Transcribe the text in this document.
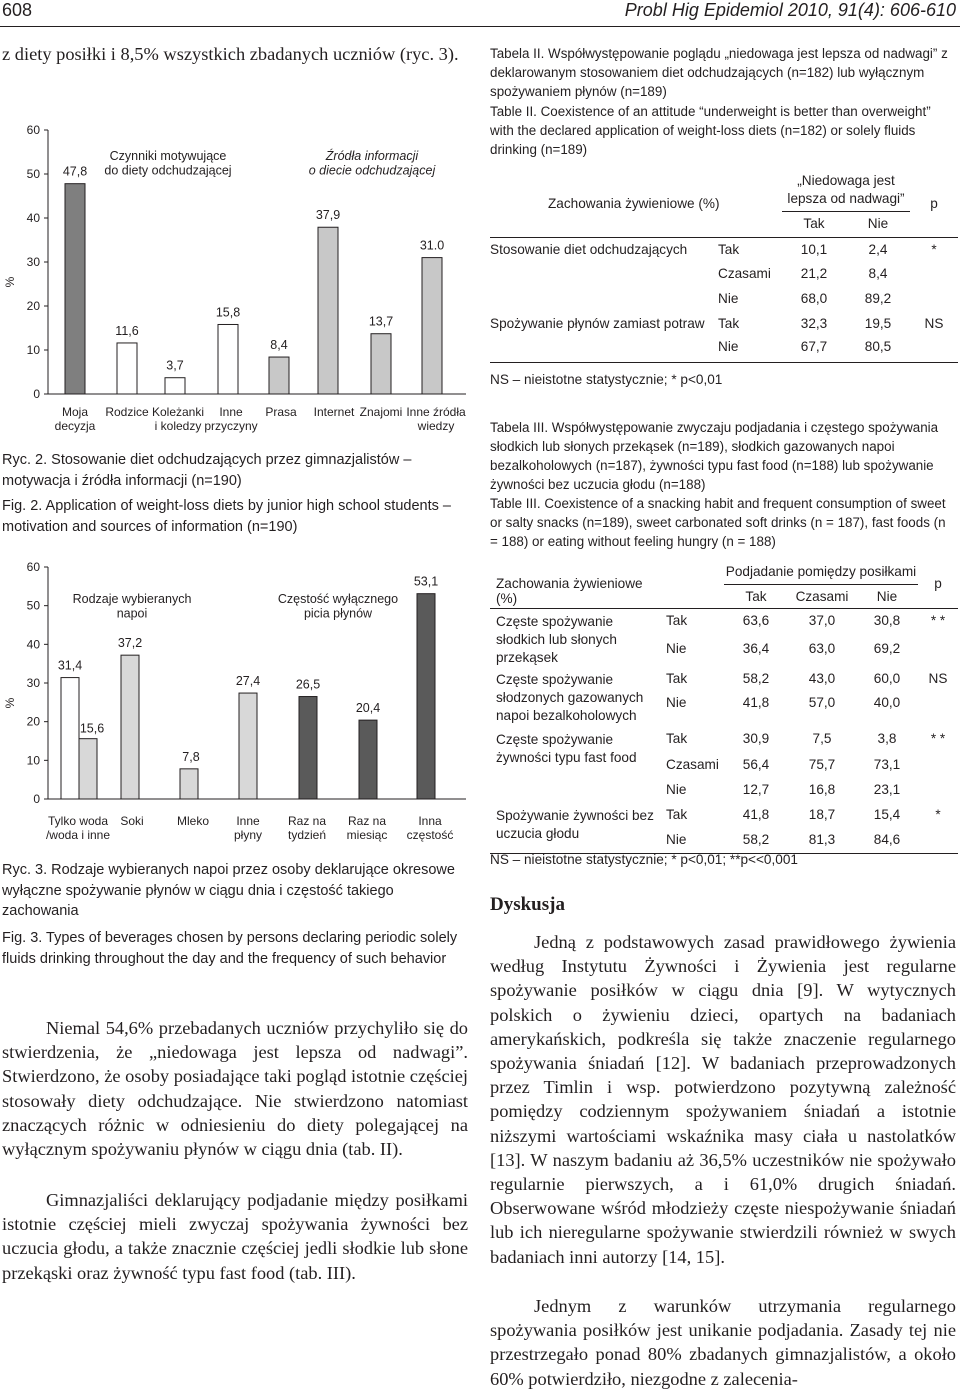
608	Probl Hig Epidemiol 2010, 91(4): 606-610

z diety posiłki i 8,5% wszystkich zbadanych uczniów (ryc. 3).

0
10
20
30
40
50
60
%
47,8
11,6
3,7
15,8
8,4
37,9
13,7
31.0
Moja decyzja
Rodzice Koleżanki i koledzy
Inne przyczyny
Prasa Internet Znajomi Inne źródła wiedzy
Czynniki motywujące do diety odchudzającej
Źródła informacji o diecie odchudzającej

Ryc. 2. Stosowanie diet odchudzających przez gimnazjalistów – motywacja i źródła informacji (n=190)

Fig. 2. Application of weight-loss diets by junior high school students – motivation and sources of information (n=190)

0
10
20
30
40
50
60
%
31,4
15,6
37,2
7,8
27,4	26,5
20,4
53,1
Tylko woda /woda i inne
Soki	Mleko Inne płyny
Raz na tydzień
Raz na miesiąc
Inna częstość
Rodzaje wybieranych napoi
Częstość wyłącznego picia płynów

Ryc. 3. Rodzaje wybieranych napoi przez osoby deklarujące okresowe wyłączne spożywanie płynów w ciągu dnia i częstość takiego zachowania

Fig. 3. Types of beverages chosen by persons declaring periodic solely fluids drinking throughout the day and the frequency of such behavior

Niemal 54,6% przebadanych uczniów przychyliło się do stwierdzenia, że „niedowaga jest lepsza od nadwagi”. Stwierdzono, że osoby posiadające taki pogląd istotnie częściej stosowały diety odchudzające. Nie stwierdzono natomiast znaczących różnic w odniesieniu do diety polegającej na wyłącznym spożywaniu płynów w ciągu dnia (tab. II).

Gimnazjaliści deklarujący podjadanie między posiłkami istotnie częściej mieli zwyczaj spożywania żywności bez uczucia głodu, a także znacznie częściej jedli słodkie lub słone przekąski oraz żywność typu fast food (tab. III).

Tabela II. Współwystępowanie poglądu „niedowaga jest lepsza od nadwagi” z deklarowanym stosowaniem diet odchudzających (n=182) lub wyłącznym spożywaniem płynów (n=189)

Table II. Coexistence of an attitude “underweight is better than overweight” with the declared application of weight-loss diets (n=182) or solely fluids drinking (n=189)

Zachowania żywieniowe (%)		„Niedowaga jest
lepsza od nadwagi”		p
		Tak	Nie	
Stosowanie diet odchudzających	Tak	10,1	2,4	*
	Czasami	21,2	8,4	
	Nie	68,0	89,2	
Spożywanie płynów zamiast potraw	Tak	32,3	19,5	NS
	Nie	67,7	80,5	

NS – nieistotne statystycznie; * p<0,01

Tabela III. Współwystępowanie zwyczaju podjadania i częstego spożywania słodkich lub słonych przekąsek (n=189), słodkich gazowanych napoi bezalkoholowych (n=187), żywności typu fast food (n=188) lub spożywanie żywności bez uczucia głodu (n=188)

Table III. Coexistence of a snacking habit and frequent consumption of sweet or salty snacks (n=189), sweet carbonated soft drinks (n = 187), fast foods (n = 188) or eating without feeling hungry (n = 188)

Zachowania żywieniowe (%)		Podjadanie pomiędzy posiłkami			p
		Tak	Czasami	Nie	
Częste spożywanie słodkich lub słonych przekąsek	Tak	63,6	37,0	30,8	* *
	Nie	36,4	63,0	69,2	
Częste spożywanie słodzonych gazowanych napoi bezalkoholowych	Tak	58,2	43,0	60,0	NS
	Nie	41,8	57,0	40,0	
Częste spożywanie żywności typu fast food	Tak	30,9	7,5	3,8	* *
	Czasami	56,4	75,7	73,1	
	Nie	12,7	16,8	23,1	
Spożywanie żywności bez uczucia głodu	Tak	41,8	18,7	15,4	*
	Nie	58,2	81,3	84,6	

NS – nieistotne statystycznie; * p<0,01; **p<<0,001

Dyskusja

Jedną z podstawowych zasad prawidłowego żywienia według Instytutu Żywności i Żywienia jest regularne spożywanie posiłków w ciągu dnia [9]. W wytycznych polskich o żywieniu dzieci, opartych na badaniach amerykańskich, podkreśla się także znaczenie regularnego spożywania śniadań [12]. W badaniach przeprowadzonych przez Timlin i wsp. potwierdzono pozytywną zależność pomiędzy codziennym spożywaniem śniadań a istotnie niższymi wartościami wskaźnika masy ciała u nastolatków [13]. W naszym badaniu aż 36,5% uczestników nie spożywało regularnie pierwszych, a i 61,0% drugich śniadań. Obserwowane wśród młodzieży częste niespożywanie śniadań lub ich nieregularne spożywanie stwierdzili również w swych badaniach inni autorzy [14, 15].

Jednym z warunków utrzymania regularnego spożywania posiłków jest unikanie podjadania. Zasady tej nie przestrzegało ponad 80% zbadanych gimnazjalistów, a około 60% potwierdziło, niezgodne z zalecenia-
